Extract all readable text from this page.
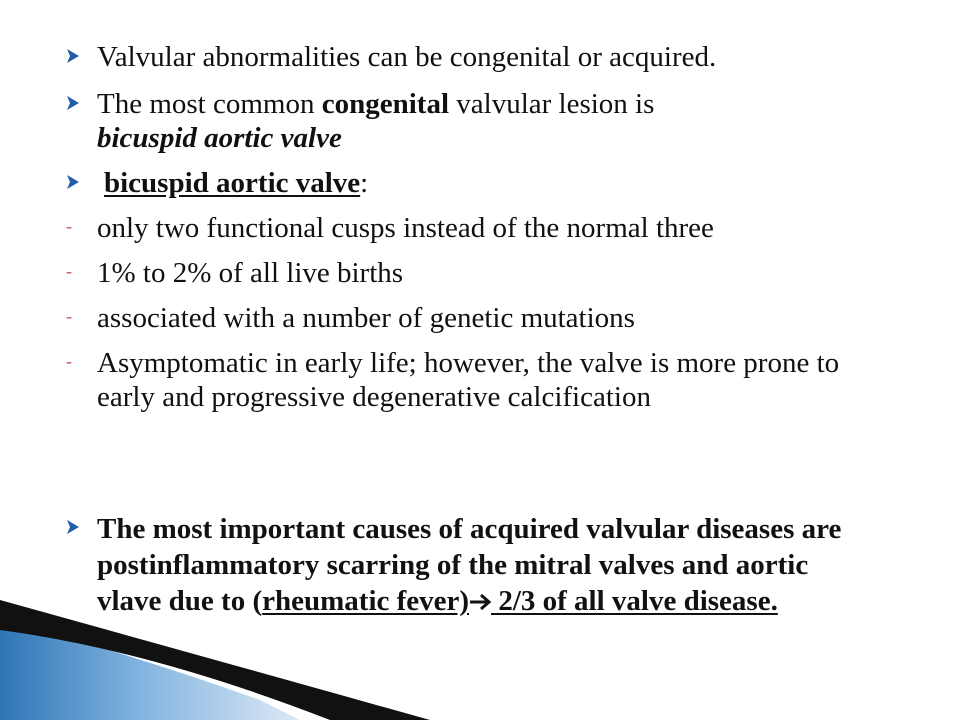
Valvular abnormalities can be congenital or acquired.
The most common congenital valvular lesion is
bicuspid aortic valve
bicuspid aortic valve:
- only two functional cusps instead of the normal three
- 1% to 2% of all live births
- associated with a number of genetic mutations
- Asymptomatic in early life; however, the valve is more prone to early and progressive degenerative calcification
The most important causes of acquired valvular diseases are postinflammatory scarring of the mitral valves and aortic vlave due to (rheumatic fever) 2/3 of all valve disease.
